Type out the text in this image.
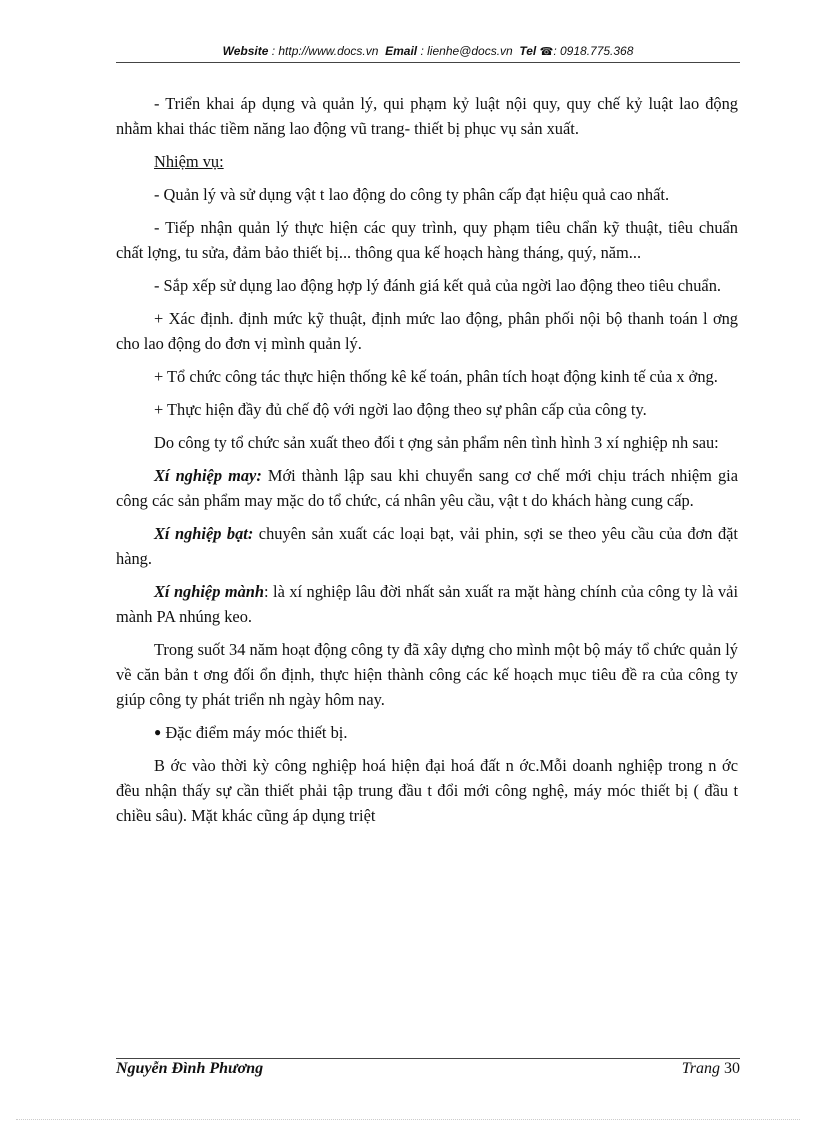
Website : http://www.docs.vn Email : lienhe@docs.vn Tel ☎: 0918.775.368

- Triển khai áp dụng và quản lý, qui phạm kỷ luật nội quy, quy chế kỷ luật lao động nhằm khai thác tiềm năng lao động vũ trang- thiết bị phục vụ sản xuất.

Nhiệm vụ:

- Quản lý và sử dụng vật t lao động do công ty phân cấp đạt hiệu quả cao nhất.

- Tiếp nhận quản lý thực hiện các quy trình, quy phạm tiêu chẩn kỹ thuật, tiêu chuẩn chất lợng, tu sửa, đảm bảo thiết bị... thông qua kế hoạch hàng tháng, quý, năm...

- Sắp xếp sử dụng lao động hợp lý đánh giá kết quả của ngời lao động theo tiêu chuẩn.

+ Xác định. định mức kỹ thuật, định mức lao động, phân phối nội bộ thanh toán l ơng cho lao động do đơn vị mình quản lý.

+ Tổ chức công tác thực hiện thống kê kế toán, phân tích hoạt động kinh tế của x ởng.

+ Thực hiện đầy đủ chế độ với ngời lao động theo sự phân cấp của công ty.

Do công ty tổ chức sản xuất theo đối t ợng sản phẩm nên tình hình 3 xí nghiệp nh sau:

Xí nghiệp may: Mới thành lập sau khi chuyển sang cơ chế mới chịu trách nhiệm gia công các sản phẩm may mặc do tổ chức, cá nhân yêu cầu, vật t do khách hàng cung cấp.

Xí nghiệp bạt: chuyên sản xuất các loại bạt, vải phin, sợi se theo yêu cầu của đơn đặt hàng.

Xí nghiệp mành: là xí nghiệp lâu đời nhất sản xuất ra mặt hàng chính của công ty là vải mành PA nhúng keo.

Trong suốt 34 năm hoạt động công ty đã xây dựng cho mình một bộ máy tổ chức quản lý về căn bản t ơng đối ổn định, thực hiện thành công các kế hoạch mục tiêu đề ra của công ty giúp công ty phát triển nh ngày hôm nay.

● Đặc điểm máy móc thiết bị.

B ớc vào thời kỳ công nghiệp hoá hiện đại hoá đất n ớc.Mỗi doanh nghiệp trong n ớc đều nhận thấy sự cần thiết phải tập trung đầu t đổi mới công nghệ, máy móc thiết bị ( đầu t chiều sâu). Mặt khác cũng áp dụng triệt

Nguyễn Đình Phương	Trang 30
